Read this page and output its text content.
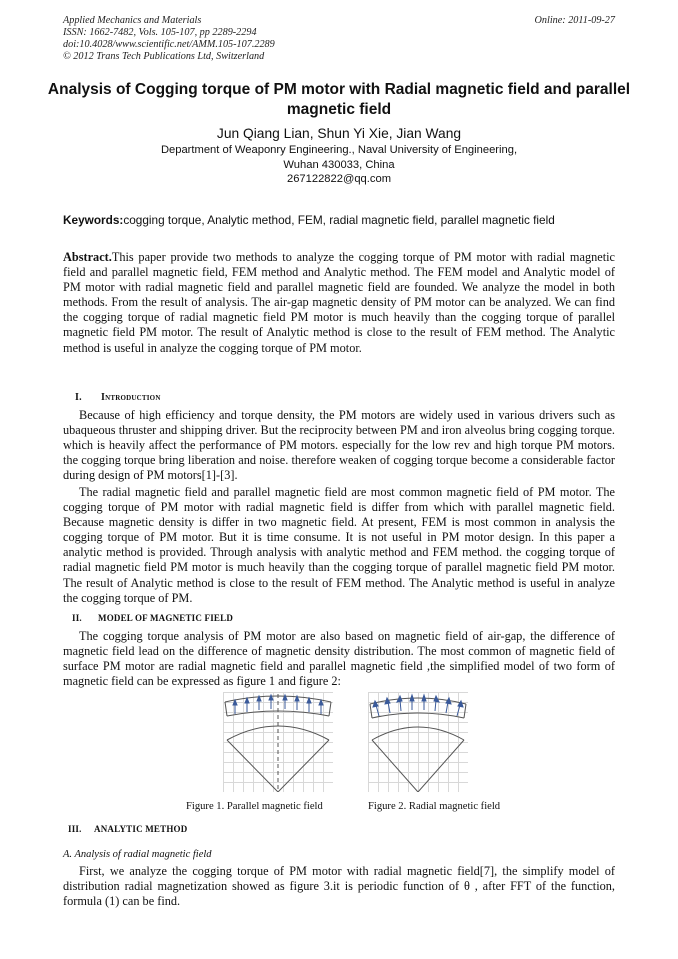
Applied Mechanics and Materials	Online: 2011-09-27
ISSN: 1662-7482, Vols. 105-107, pp 2289-2294
doi:10.4028/www.scientific.net/AMM.105-107.2289
© 2012 Trans Tech Publications Ltd, Switzerland
Analysis of Cogging torque of PM motor with Radial magnetic field and parallel magnetic field
Jun Qiang Lian, Shun Yi Xie, Jian Wang
Department of Weaponry Engineering., Naval University of Engineering,
Wuhan 430033, China
267122822@qq.com
Keywords:cogging torque, Analytic method, FEM, radial magnetic field, parallel magnetic field
Abstract.This paper provide two methods to analyze the cogging torque of PM motor with radial magnetic field and parallel magnetic field, FEM method and Analytic method. The FEM model and Analytic model of PM motor with radial magnetic field and parallel magnetic field are founded. We analyze the model in both methods. From the result of analysis. The air-gap magnetic density of PM motor can be analyzed. We can find the cogging torque of radial magnetic field PM motor is much heavily than the cogging torque of parallel magnetic field PM motor. The result of Analytic method is close to the result of FEM method. The Analytic method is useful in analyze the cogging torque of PM motor.
I. Introduction
Because of high efficiency and torque density, the PM motors are widely used in various drivers such as ubaqueous thruster and shipping driver. But the reciprocity between PM and iron alveolus bring cogging torque. which is heavily affect the performance of PM motors. especially for the low rev and high torque PM motors. the cogging torque bring liberation and noise. therefore weaken of cogging torque become a considerable factor during design of PM motors[1]-[3].
The radial magnetic field and parallel magnetic field are most common magnetic field of PM motor. The cogging torque of PM motor with radial magnetic field is differ from which with parallel magnetic field. Because magnetic density is differ in two magnetic field. At present, FEM is most common in analysis the cogging torque of PM motor. But it is time consume. It is not useful in PM motor design. In this paper a analytic method is provided. Through analysis with analytic method and FEM method. the cogging torque of radial magnetic field PM motor is much heavily than the cogging torque of parallel magnetic field PM motor. The result of Analytic method is close to the result of FEM method. The Analytic method is useful in analyze the cogging torque of PM.
II. MODEL OF MAGNETIC FIELD
The cogging torque analysis of PM motor are also based on magnetic field of air-gap, the difference of magnetic field lead on the difference of magnetic density distribution. The most common of magnetic field of surface PM motor are radial magnetic field and parallel magnetic field ,the simplified model of two form of magnetic field can be expressed as figure 1 and figure 2:
Figure 1. Parallel magnetic field	Figure 2. Radial magnetic field
III. ANALYTIC METHOD
A. Analysis of radial magnetic field
First, we analyze the cogging torque of PM motor with radial magnetic field[7], the simplify model of distribution radial magnetization showed as figure 3.it is periodic function of θ , after FFT of the function, formula (1) can be find.
